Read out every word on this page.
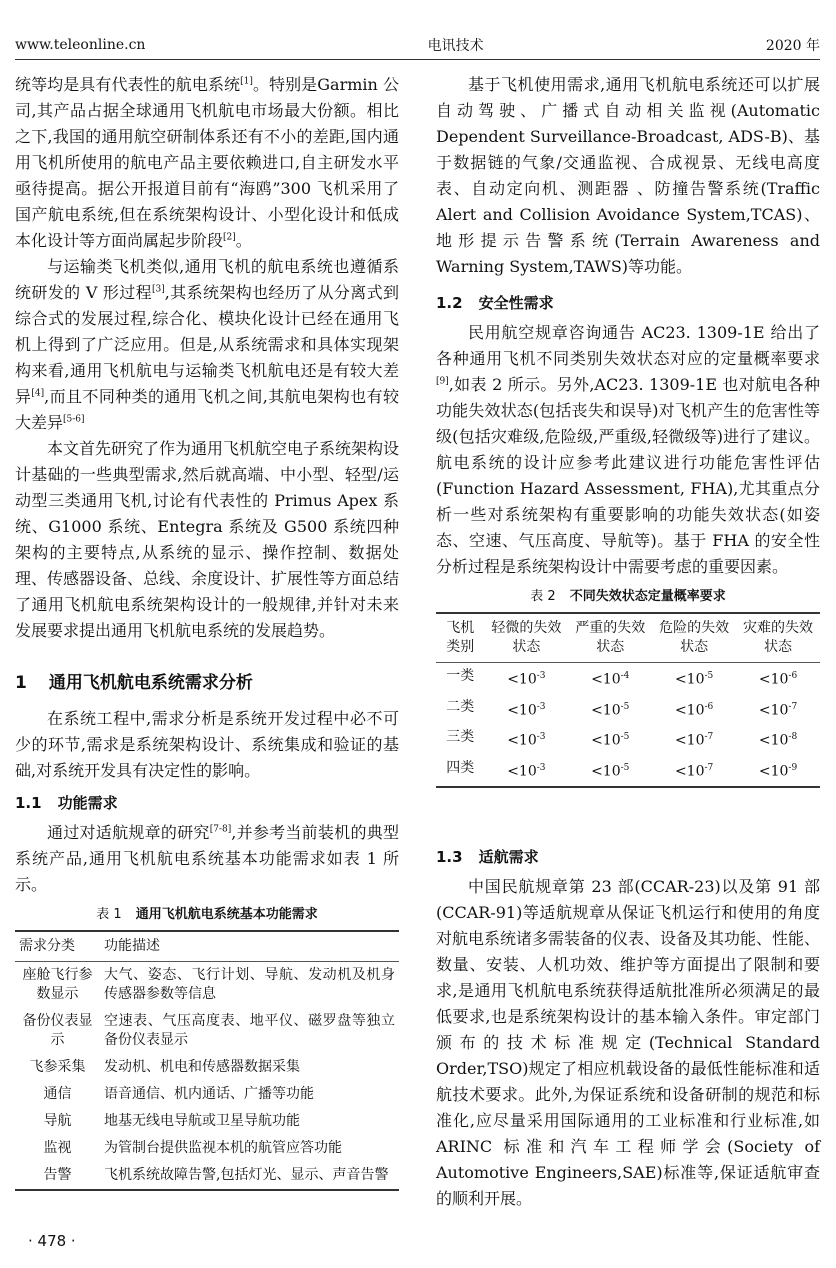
www.teleonline.cn	电讯技术	2020 年

统等均是具有代表性的航电系统[1]。特别是Garmin 公司,其产品占据全球通用飞机航电市场最大份额。相比之下,我国的通用航空研制体系还有不小的差距,国内通用飞机所使用的航电产品主要依赖进口,自主研发水平亟待提高。据公开报道目前有“海鸥”300 飞机采用了国产航电系统,但在系统架构设计、小型化设计和低成本化设计等方面尚属起步阶段[2]。

与运输类飞机类似,通用飞机的航电系统也遵循系统研发的 V 形过程[3],其系统架构也经历了从分离式到综合式的发展过程,综合化、模块化设计已经在通用飞机上得到了广泛应用。但是,从系统需求和具体实现架构来看,通用飞机航电与运输类飞机航电还是有较大差异[4],而且不同种类的通用飞机之间,其航电架构也有较大差异[5-6]

本文首先研究了作为通用飞机航空电子系统架构设计基础的一些典型需求,然后就高端、中小型、轻型/运动型三类通用飞机,讨论有代表性的 Primus Apex 系统、G1000 系统、Entegra 系统及 G500 系统四种架构的主要特点,从系统的显示、操作控制、数据处理、传感器设备、总线、余度设计、扩展性等方面总结了通用飞机航电系统架构设计的一般规律,并针对未来发展要求提出通用飞机航电系统的发展趋势。

1 通用飞机航电系统需求分析

在系统工程中,需求分析是系统开发过程中必不可少的环节,需求是系统架构设计、系统集成和验证的基础,对系统开发具有决定性的影响。

1.1 功能需求

通过对适航规章的研究[7-8],并参考当前装机的典型系统产品,通用飞机航电系统基本功能需求如表 1 所示。

表 1 通用飞机航电系统基本功能需求
需求分类	功能描述
座舱飞行参数显示	大气、姿态、飞行计划、导航、发动机及机身传感器参数等信息
备份仪表显示	空速表、气压高度表、地平仪、磁罗盘等独立备份仪表显示
飞参采集	发动机、机电和传感器数据采集
通信	语音通信、机内通话、广播等功能
导航	地基无线电导航或卫星导航功能
监视	为管制台提供监视本机的航管应答功能
告警	飞机系统故障告警,包括灯光、显示、声音告警
· 478 ·

基于飞机使用需求,通用飞机航电系统还可以扩展自动驾驶、广播式自动相关监视(Automatic Dependent Surveillance-Broadcast, ADS-B)、基于数据链的气象/交通监视、合成视景、无线电高度表、自动定向机、测距器 、防撞告警系统(Traffic Alert and Collision Avoidance System,TCAS)、地形提示告警系统(Terrain Awareness and Warning System,TAWS)等功能。

1.2 安全性需求

民用航空规章咨询通告 AC23. 1309-1E 给出了各种通用飞机不同类别失效状态对应的定量概率要求[9],如表 2 所示。另外,AC23. 1309-1E 也对航电各种功能失效状态(包括丧失和误导)对飞机产生的危害性等级(包括灾难级,危险级,严重级,轻微级等)进行了建议。航电系统的设计应参考此建议进行功能危害性评估(Function Hazard Assessment, FHA),尤其重点分析一些对系统架构有重要影响的功能失效状态(如姿态、空速、气压高度、导航等)。基于 FHA 的安全性分析过程是系统架构设计中需要考虑的重要因素。

表 2 不同失效状态定量概率要求
飞机类别	轻微的失效状态	严重的失效状态	危险的失效状态	灾难的失效状态
一类	$<10^{-3}$	$<10^{-4}$	$<10^{-5}$	$<10^{-6}$
二类	$<10^{-3}$	$<10^{-5}$	$<10^{-6}$	$<10^{-7}$
三类	$<10^{-3}$	$<10^{-5}$	$<10^{-7}$	$<10^{-8}$
四类	$<10^{-3}$	$<10^{-5}$	$<10^{-7}$	$<10^{-9}$
1.3 适航需求

中国民航规章第 23 部(CCAR-23)以及第 91 部(CCAR-91)等适航规章从保证飞机运行和使用的角度对航电系统诸多需装备的仪表、设备及其功能、性能、数量、安装、人机功效、维护等方面提出了限制和要求,是通用飞机航电系统获得适航批准所必须满足的最低要求,也是系统架构设计的基本输入条件。审定部门颁布的技术标准规定(Technical Standard Order,TSO)规定了相应机载设备的最低性能标准和适航技术要求。此外,为保证系统和设备研制的规范和标准化,应尽量采用国际通用的工业标准和行业标准,如 ARINC 标准和汽车工程师学会(Society of Automotive Engineers,SAE)标准等,保证适航审查的顺利开展。
